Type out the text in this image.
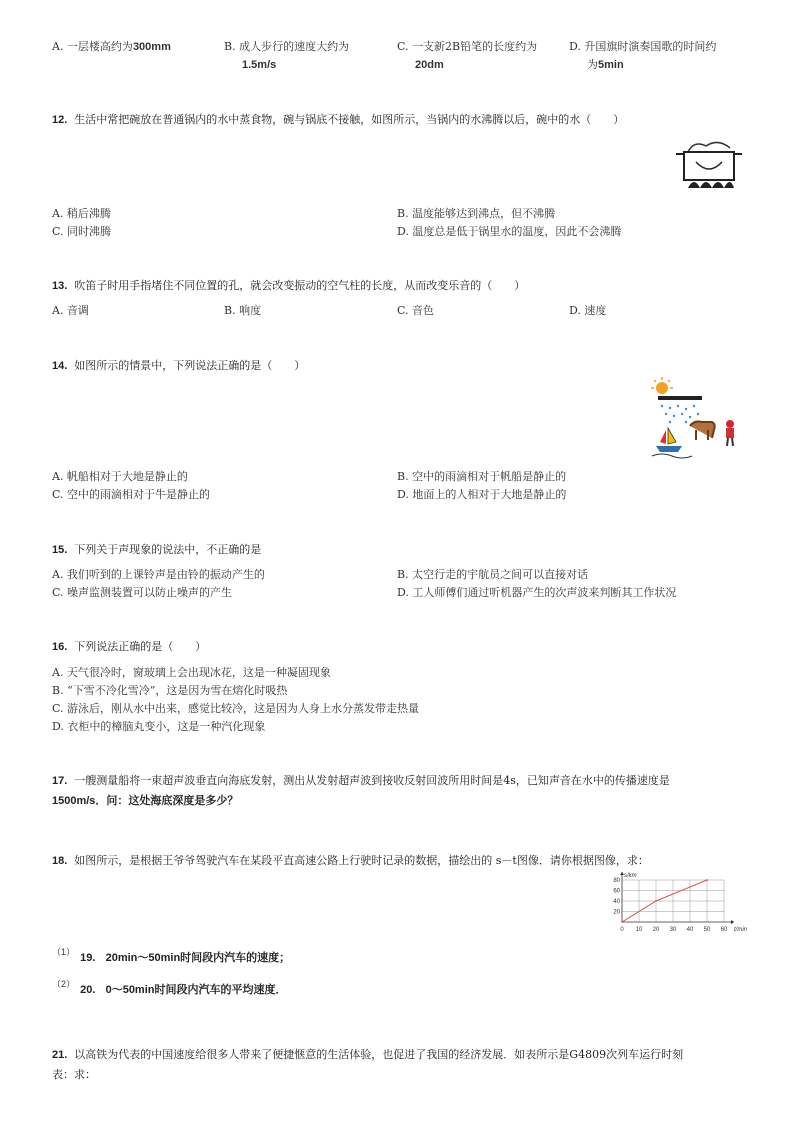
A. 一层楼高约为300mm	B. 成人步行的速度大约为
1.5m/s
C. 一支新2B铅笔的长度约为
20dm
D. 升国旗时演奏国歌的时间约
为5min
12. 生活中常把碗放在普通锅内的水中蒸食物，碗与锅底不接触，如图所示，当锅内的水沸腾以后，碗中的水（　　）
A. 稍后沸腾	B. 温度能够达到沸点，但不沸腾
C. 同时沸腾	D. 温度总是低于锅里水的温度，因此不会沸腾
13. 吹笛子时用手指堵住不同位置的孔，就会改变振动的空气柱的长度，从而改变乐音的（　　）
A. 音调	B. 响度	C. 音色	D. 速度
14. 如图所示的情景中，下列说法正确的是（　　）
A. 帆船相对于大地是静止的	B. 空中的雨滴相对于帆船是静止的
C. 空中的雨滴相对于牛是静止的	D. 地面上的人相对于大地是静止的
15. 下列关于声现象的说法中，不正确的是
A. 我们听到的上课铃声是由铃的振动产生的	B. 太空行走的宇航员之间可以直接对话
C. 噪声监测装置可以防止噪声的产生	D. 工人师傅们通过听机器产生的次声波来判断其工作状况
16. 下列说法正确的是（　　）
A. 天气很冷时，窗玻璃上会出现冰花，这是一种凝固现象
B. “下雪不冷化雪冷”，这是因为雪在熔化时吸热
C. 游泳后，刚从水中出来，感觉比较冷，这是因为人身上水分蒸发带走热量
D. 衣柜中的樟脑丸变小，这是一种汽化现象
17. 一艘测量船将一束超声波垂直向海底发射，测出从发射超声波到接收反射回波所用时间是4s，已知声音在水中的传播速度是
1500m/s．问：这处海底深度是多少？
18. 如图所示，是根据王爷爷驾驶汽车在某段平直高速公路上行驶时记录的数据，描绘出的 s－t图像．请你根据图像，求：
0 10 20 30 40 50 60
20
40
60
80
t/min
s/km
$^{(1)}$ 19. 20min～50min时间段内汽车的速度；
$^{(2)}$ 20. 0～50min时间段内汽车的平均速度．
21. 以高铁为代表的中国速度给很多人带来了便捷惬意的生活体验，也促进了我国的经济发展．如表所示是G4809次列车运行时刻
表：求：
